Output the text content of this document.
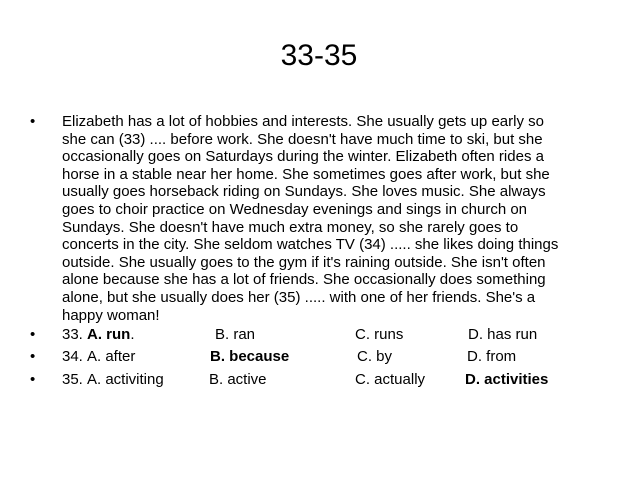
33-35
• Elizabeth has a lot of hobbies and interests. She usually gets up early so
she can (33) .... before work. She doesn't have much time to ski, but she
occasionally goes on Saturdays during the winter. Elizabeth often rides a
horse in a stable near her home. She sometimes goes after work, but she
usually goes horseback riding on Sundays. She loves music. She always
goes to choir practice on Wednesday evenings and sings in church on
Sundays. She doesn't have much extra money, so she rarely goes to
concerts in the city. She seldom watches TV (34) ..... she likes doing things
outside. She usually goes to the gym if it's raining outside. She isn't often
alone because she has a lot of friends. She occasionally does something
alone, but she usually does her (35) ..... with one of her friends. She's a
happy woman!
• 33. A. run.	B. ran	C. runs	D. has run
• 34. A. after	B. because	C. by	D. from
• 35. A. activiting	B. active	C. actually	D. activities
